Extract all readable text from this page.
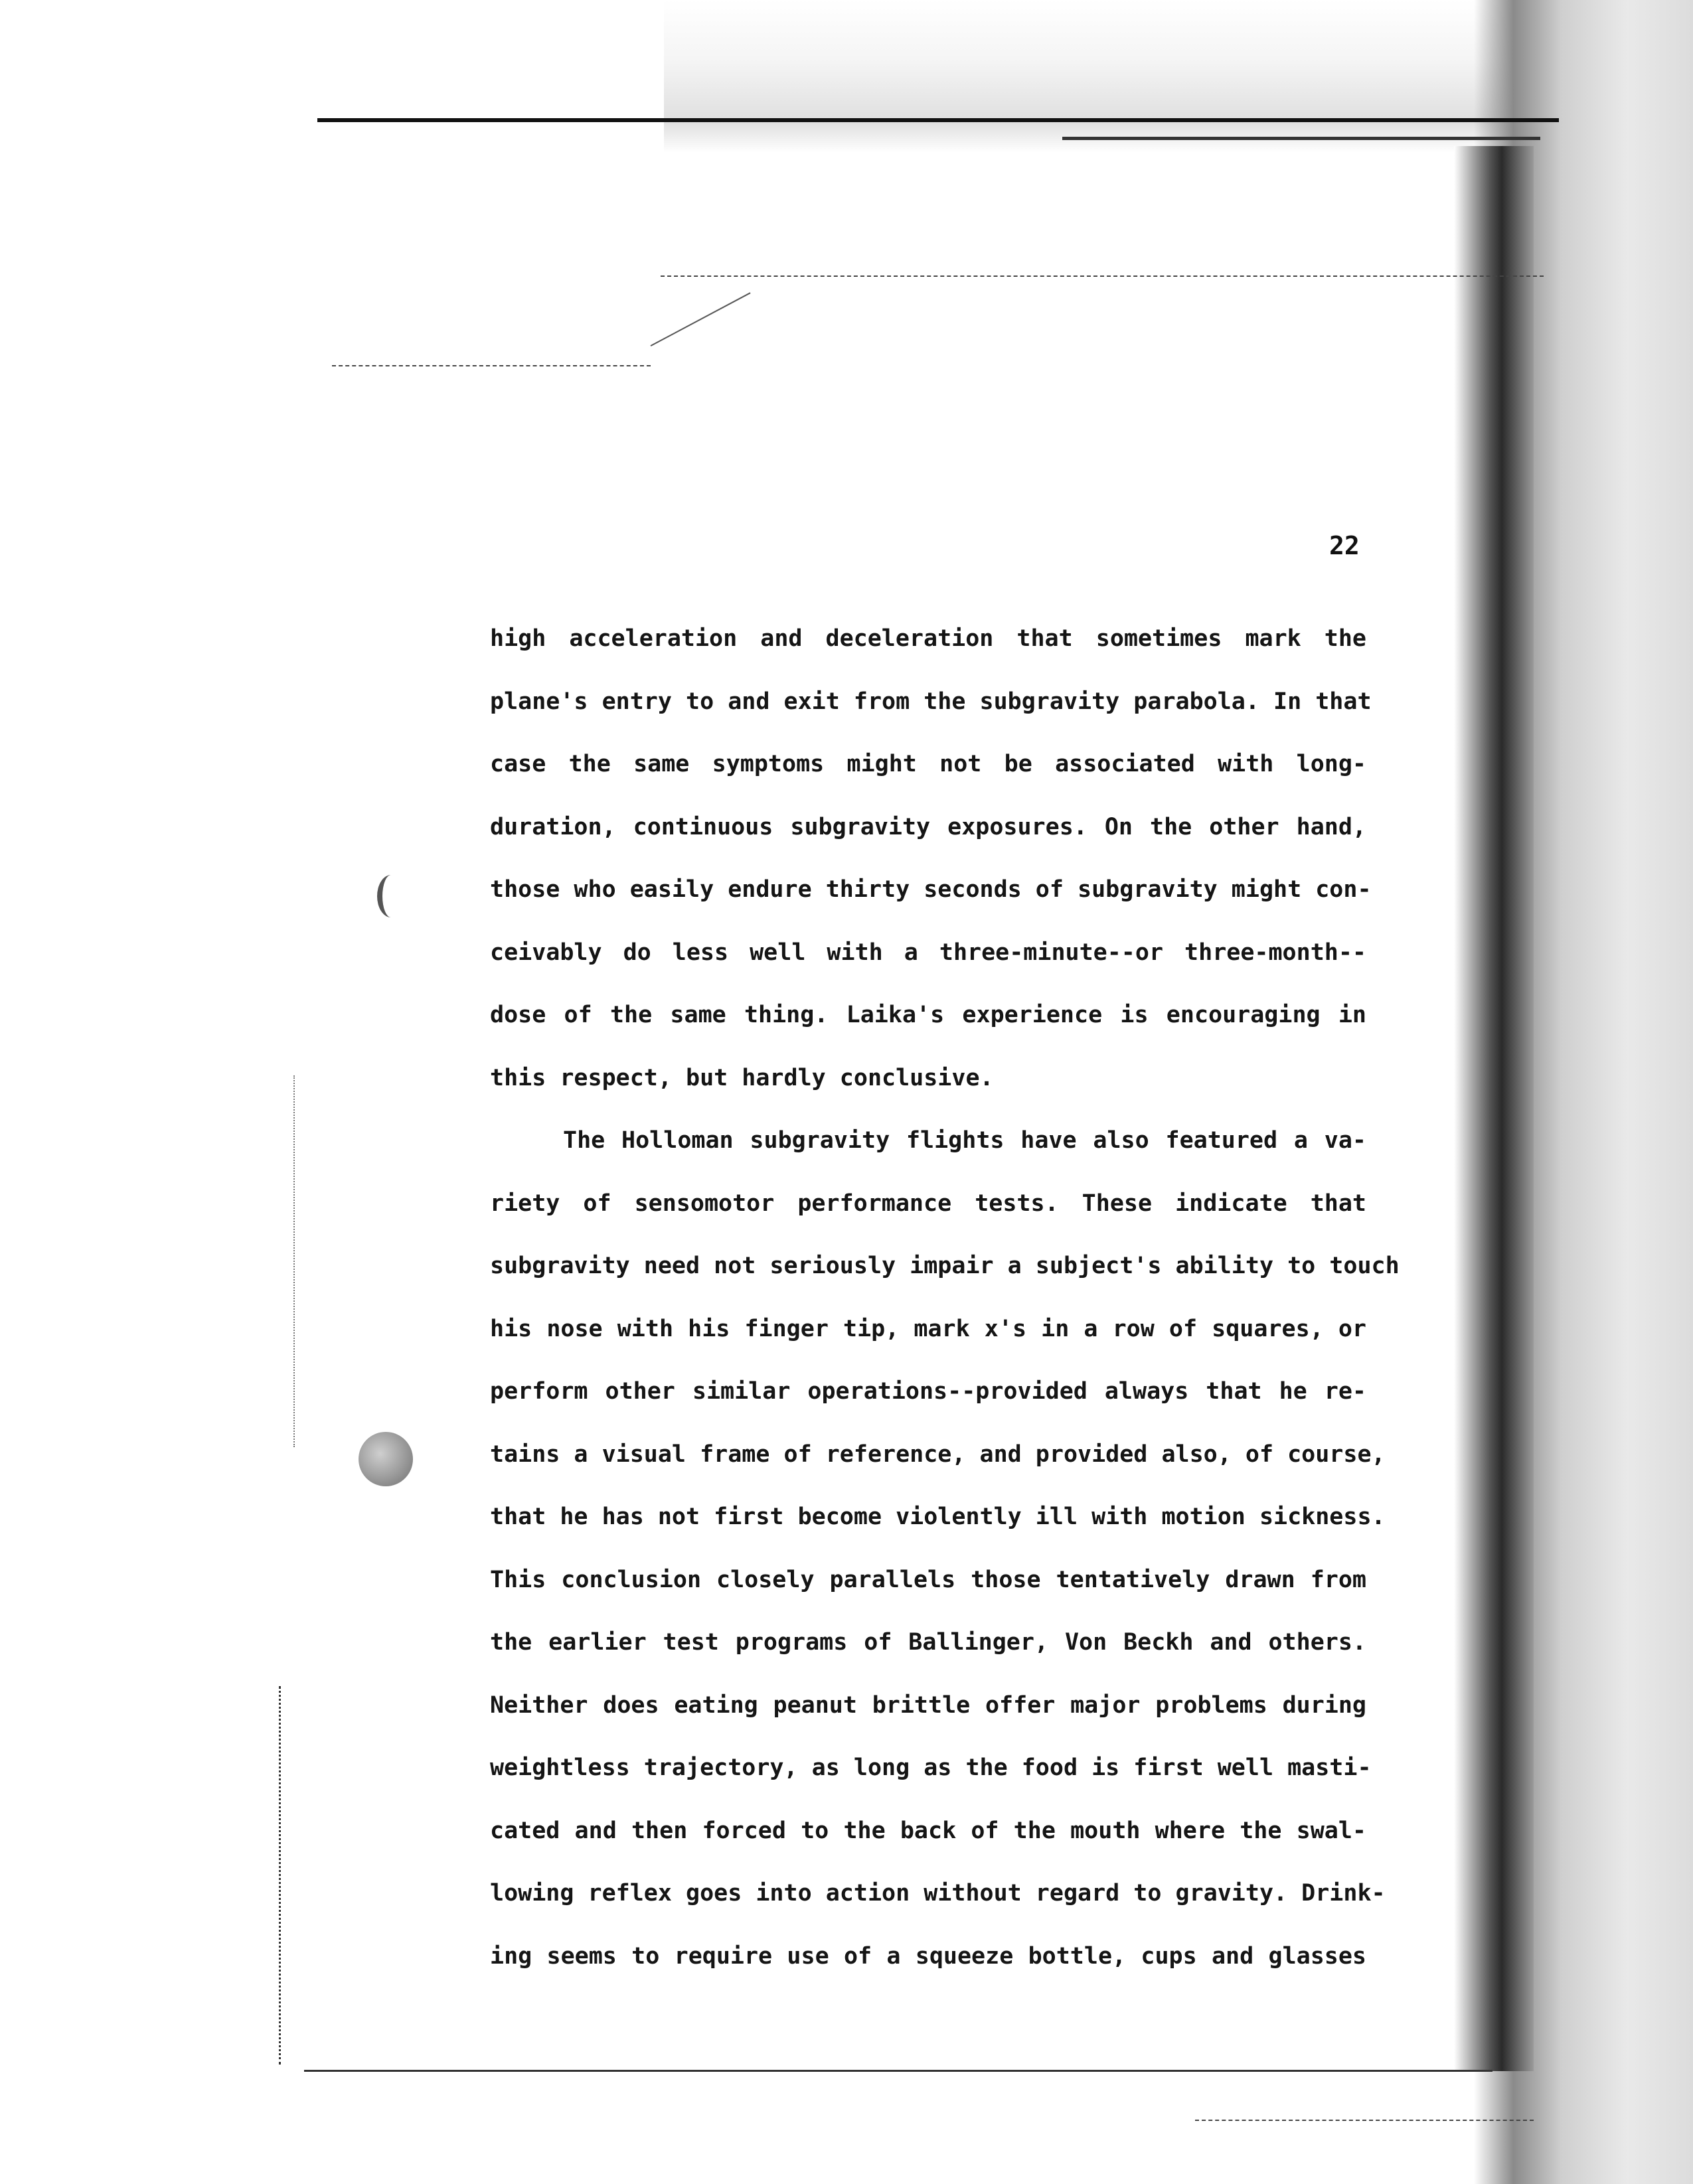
22
high acceleration and deceleration that sometimes mark the
plane's entry to and exit from the subgravity parabola. In that
case the same symptoms might not be associated with long-
duration, continuous subgravity exposures. On the other hand,
those who easily endure thirty seconds of subgravity might con-
ceivably do less well with a three-minute--or three-month--
dose of the same thing. Laika's experience is encouraging in
this respect, but hardly conclusive.
The Holloman subgravity flights have also featured a va-
riety of sensomotor performance tests. These indicate that
subgravity need not seriously impair a subject's ability to touch
his nose with his finger tip, mark x's in a row of squares, or
perform other similar operations--provided always that he re-
tains a visual frame of reference, and provided also, of course,
that he has not first become violently ill with motion sickness.
This conclusion closely parallels those tentatively drawn from
the earlier test programs of Ballinger, Von Beckh and others.
Neither does eating peanut brittle offer major problems during
weightless trajectory, as long as the food is first well masti-
cated and then forced to the back of the mouth where the swal-
lowing reflex goes into action without regard to gravity. Drink-
ing seems to require use of a squeeze bottle, cups and glasses
